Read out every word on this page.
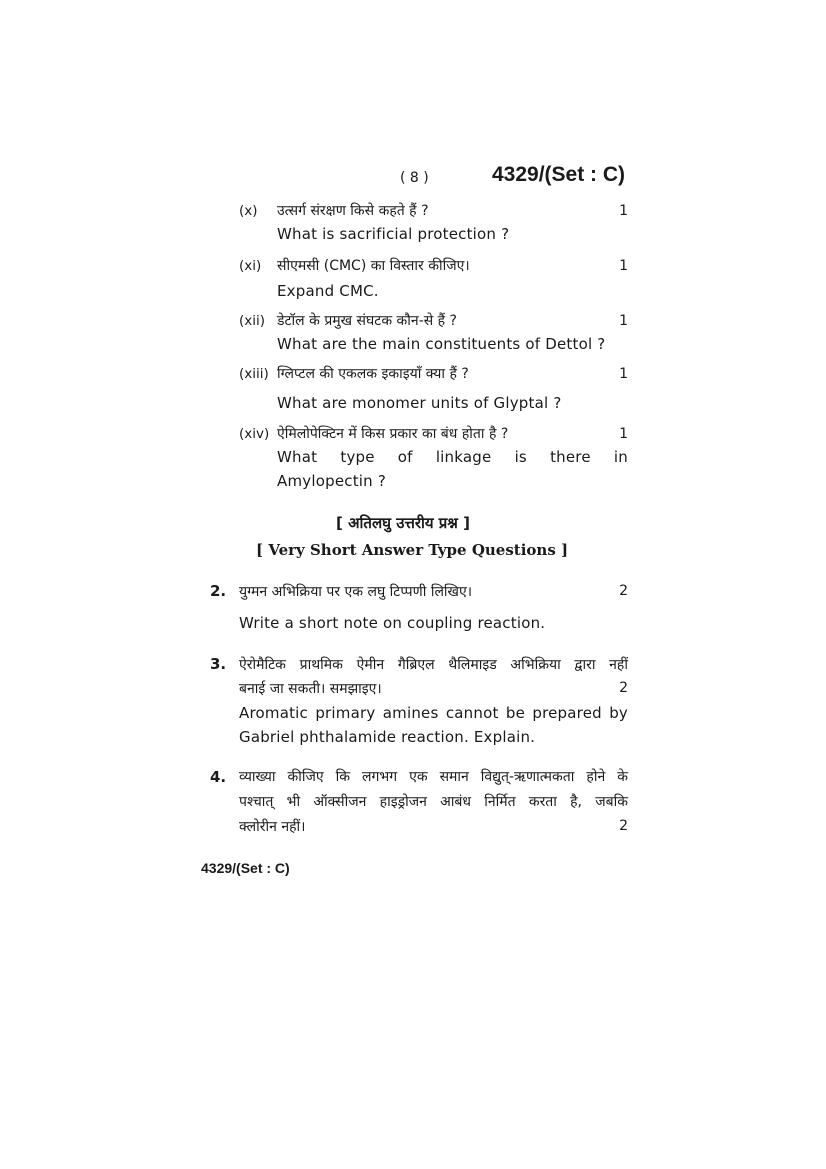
( 8 )	4329/(Set : C)
(x) उत्सर्ग संरक्षण किसे कहते हैं ?	1
What is sacrificial protection ?
(xi) सीएमसी (CMC) का विस्तार कीजिए।	1
Expand CMC.
(xii) डेटॉल के प्रमुख संघटक कौन-से हैं ?	1
What are the main constituents of Dettol ?
(xiii) ग्लिप्टल की एकलक इकाइयाँ क्या हैं ?	1
What are monomer units of Glyptal ?
(xiv) ऐमिलोपेक्टिन में किस प्रकार का बंध होता है ?	1
What type of linkage is there in
Amylopectin ?
[ अतिलघु उत्तरीय प्रश्न ]
[ Very Short Answer Type Questions ]
2. युग्मन अभिक्रिया पर एक लघु टिप्पणी लिखिए।	2
Write a short note on coupling reaction.
3. ऐरोमैटिक प्राथमिक ऐमीन गैब्रिएल थैलिमाइड अभिक्रिया द्वारा नहीं
बनाई जा सकती। समझाइए।	2
Aromatic primary amines cannot be prepared by
Gabriel phthalamide reaction. Explain.
4. व्याख्या कीजिए कि लगभग एक समान विद्युत्-ऋणात्मकता होने के
पश्चात् भी ऑक्सीजन हाइड्रोजन आबंध निर्मित करता है, जबकि
क्लोरीन नहीं।	2
4329/(Set : C)
